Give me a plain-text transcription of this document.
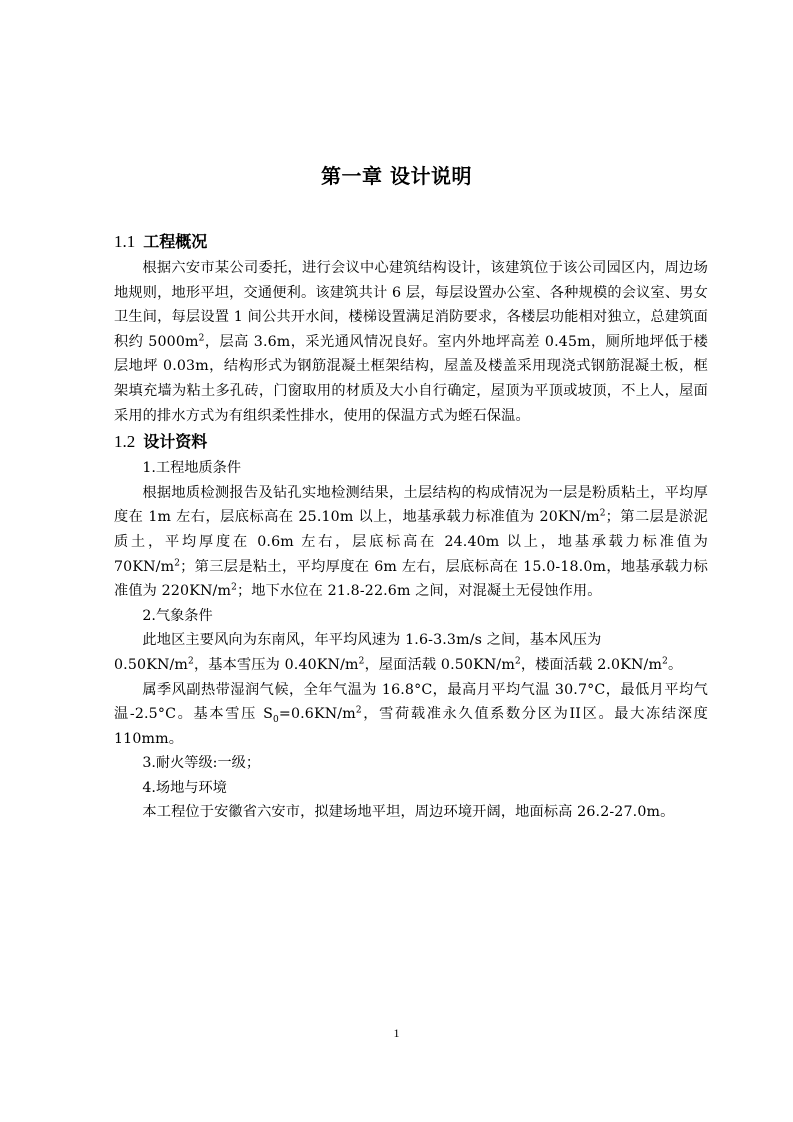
第一章 设计说明
1.1 工程概况

根据六安市某公司委托，进行会议中心建筑结构设计，该建筑位于该公司园区内，周边场地规则，地形平坦，交通便利。该建筑共计 6 层，每层设置办公室、各种规模的会议室、男女卫生间，每层设置 1 间公共开水间，楼梯设置满足消防要求，各楼层功能相对独立，总建筑面积约 $5000m^2$，层高 3.6m，采光通风情况良好。室内外地坪高差 0.45m，厕所地坪低于楼层地坪 0.03m，结构形式为钢筋混凝土框架结构，屋盖及楼盖采用现浇式钢筋混凝土板，框架填充墙为粘土多孔砖，门窗取用的材质及大小自行确定，屋顶为平顶或坡顶，不上人，屋面采用的排水方式为有组织柔性排水，使用的保温方式为蛭石保温。

1.2 设计资料

1.工程地质条件

根据地质检测报告及钻孔实地检测结果，土层结构的构成情况为一层是粉质粘土，平均厚度在 1m 左右，层底标高在 25.10m 以上，地基承载力标准值为 $20KN/m^2$；第二层是淤泥质土，平均厚度在 0.6m 左右，层底标高在 24.40m 以上，地基承载力标准值为 $70KN/m^2$；第三层是粘土，平均厚度在 6m 左右，层底标高在 15.0-18.0m，地基承载力标准值为 $220KN/m^2$；地下水位在 21.8-22.6m 之间，对混凝土无侵蚀作用。

2.气象条件

此地区主要风向为东南风，年平均风速为 1.6-3.3m/s 之间，基本风压为

$0.50KN/m^2$，基本雪压为 $0.40KN/m^2$，屋面活载 $0.50KN/m^2$，楼面活载 $2.0KN/m^2$。

属季风副热带湿润气候，全年气温为 16.8°C，最高月平均气温 30.7°C，最低月平均气温-2.5°C。基本雪压 $S_0=0.6KN/m^2$，雪荷载准永久值系数分区为II区。最大冻结深度 110mm。

3.耐火等级:一级；

4.场地与环境

本工程位于安徽省六安市，拟建场地平坦，周边环境开阔，地面标高 26.2-27.0m。

1
